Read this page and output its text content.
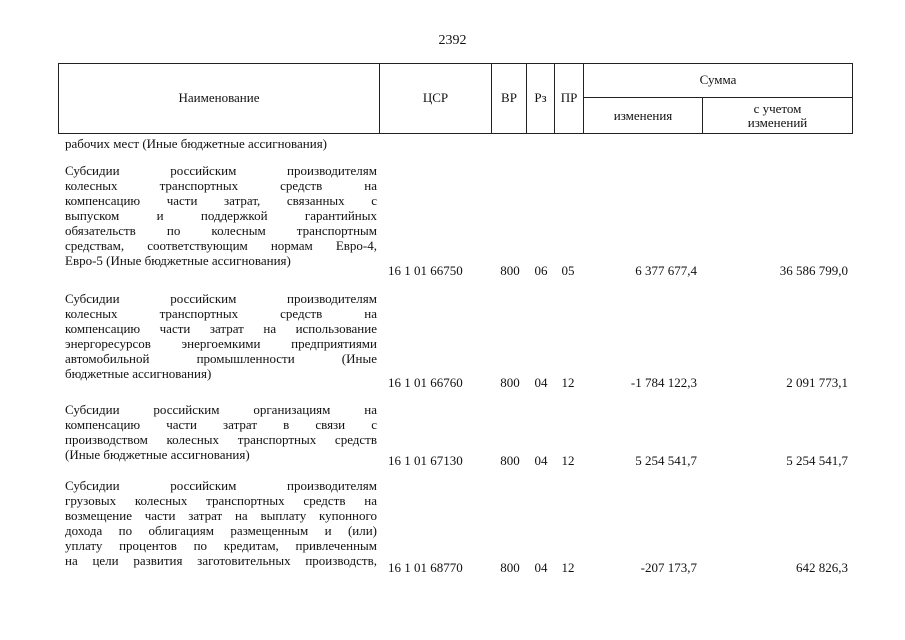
2392
Наименование	ЦСР	ВР	Рз	ПР
Сумма
изменения	с учетом
изменений
рабочих мест (Иные бюджетные ассигнования)
Субсидии российским производителям
колесных транспортных средств на
компенсацию части затрат, связанных с
выпуском и поддержкой гарантийных
обязательств по колесным транспортным
средствам, соответствующим нормам Евро-4,
Евро-5 (Иные бюджетные ассигнования)
16 1 01 66750	800	06	05	6 377 677,4	36 586 799,0
Субсидии российским производителям
колесных транспортных средств на
компенсацию части затрат на использование
энергоресурсов энергоемкими предприятиями
автомобильной промышленности (Иные
бюджетные ассигнования)
16 1 01 66760	800	04	12	-1 784 122,3	2 091 773,1
Субсидии российским организациям на
компенсацию части затрат в связи с
производством колесных транспортных средств
(Иные бюджетные ассигнования)	16 1 01 67130	800	04	12	5 254 541,7	5 254 541,7
Субсидии российским производителям
грузовых колесных транспортных средств на
возмещение части затрат на выплату купонного
дохода по облигациям размещенным и (или)
уплату процентов по кредитам, привлеченным
на цели развития заготовительных производств, 16 1 01 68770	800	04	12	-207 173,7	642 826,3
